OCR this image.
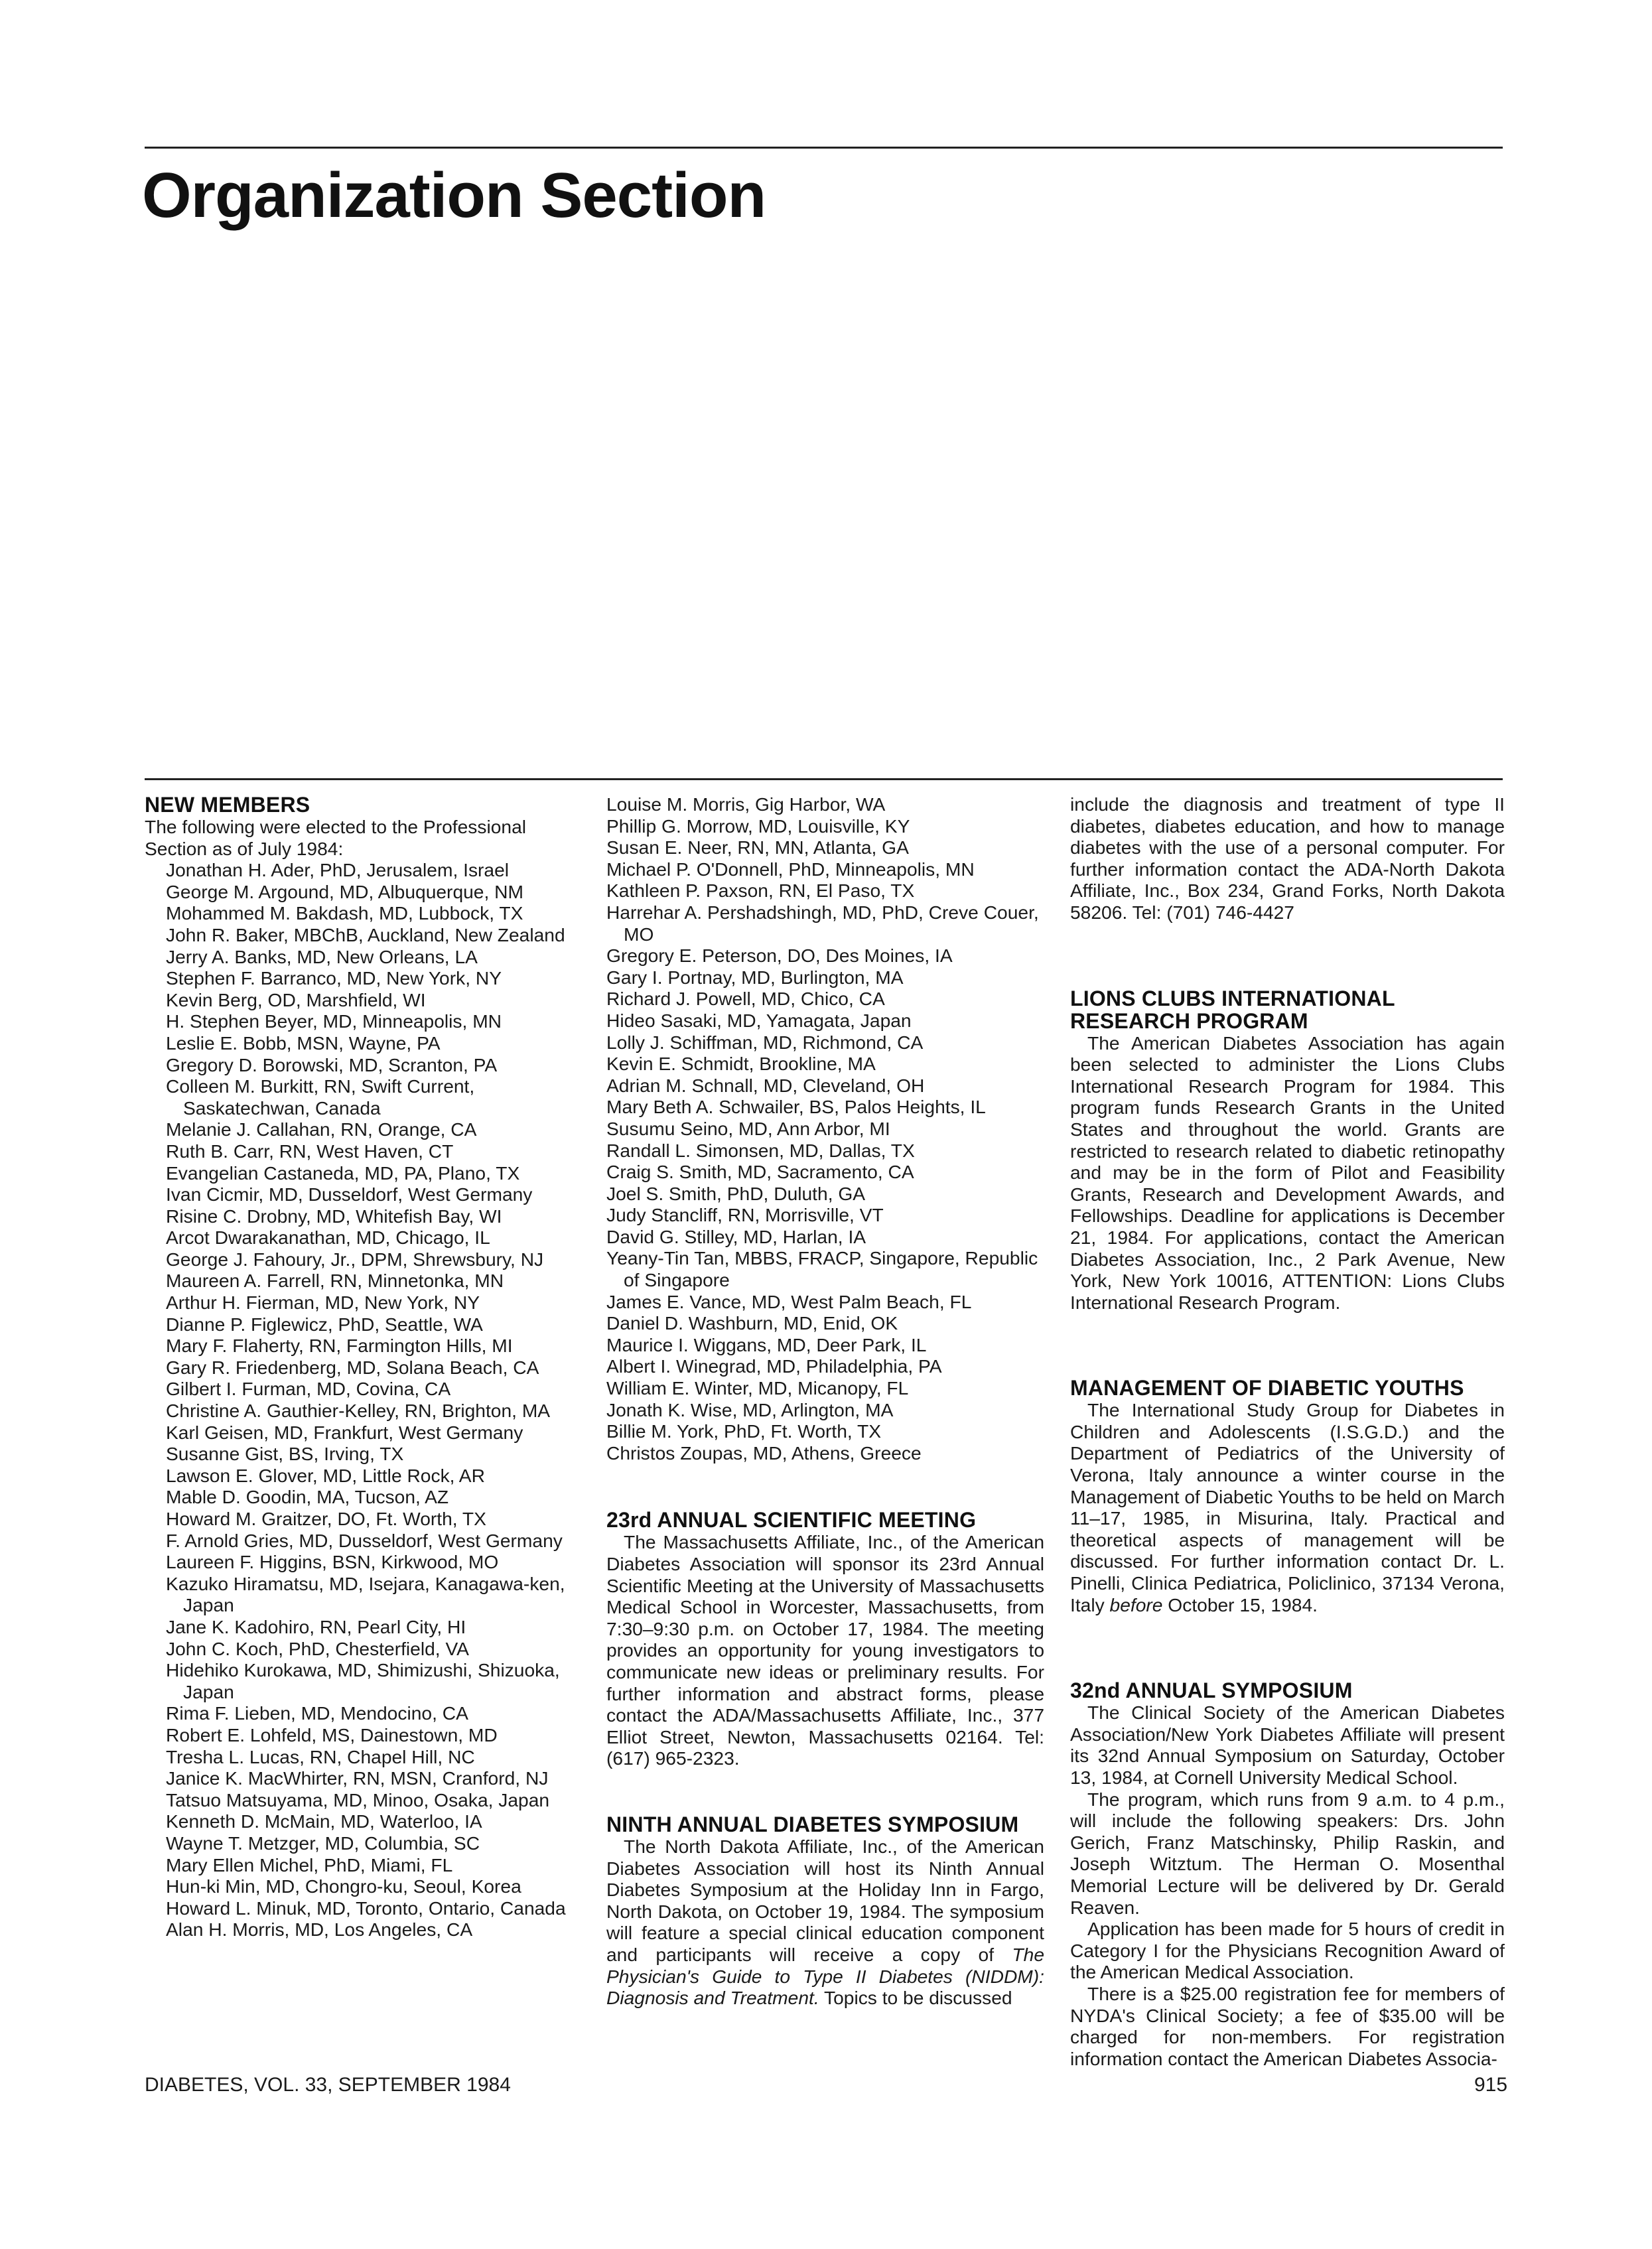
Organization Section
NEW MEMBERS

The following were elected to the Professional Section as of July 1984:

Jonathan H. Ader, PhD, Jerusalem, Israel
George M. Argound, MD, Albuquerque, NM
Mohammed M. Bakdash, MD, Lubbock, TX
John R. Baker, MBChB, Auckland, New Zealand
Jerry A. Banks, MD, New Orleans, LA
Stephen F. Barranco, MD, New York, NY
Kevin Berg, OD, Marshfield, WI
H. Stephen Beyer, MD, Minneapolis, MN
Leslie E. Bobb, MSN, Wayne, PA
Gregory D. Borowski, MD, Scranton, PA
Colleen M. Burkitt, RN, Swift Current, Saskatechwan, Canada
Melanie J. Callahan, RN, Orange, CA
Ruth B. Carr, RN, West Haven, CT
Evangelian Castaneda, MD, PA, Plano, TX
Ivan Cicmir, MD, Dusseldorf, West Germany
Risine C. Drobny, MD, Whitefish Bay, WI
Arcot Dwarakanathan, MD, Chicago, IL
George J. Fahoury, Jr., DPM, Shrewsbury, NJ
Maureen A. Farrell, RN, Minnetonka, MN
Arthur H. Fierman, MD, New York, NY
Dianne P. Figlewicz, PhD, Seattle, WA
Mary F. Flaherty, RN, Farmington Hills, MI
Gary R. Friedenberg, MD, Solana Beach, CA
Gilbert I. Furman, MD, Covina, CA
Christine A. Gauthier-Kelley, RN, Brighton, MA
Karl Geisen, MD, Frankfurt, West Germany
Susanne Gist, BS, Irving, TX
Lawson E. Glover, MD, Little Rock, AR
Mable D. Goodin, MA, Tucson, AZ
Howard M. Graitzer, DO, Ft. Worth, TX
F. Arnold Gries, MD, Dusseldorf, West Germany
Laureen F. Higgins, BSN, Kirkwood, MO
Kazuko Hiramatsu, MD, Isejara, Kanagawa-ken, Japan
Jane K. Kadohiro, RN, Pearl City, HI
John C. Koch, PhD, Chesterfield, VA
Hidehiko Kurokawa, MD, Shimizushi, Shizuoka, Japan
Rima F. Lieben, MD, Mendocino, CA
Robert E. Lohfeld, MS, Dainestown, MD
Tresha L. Lucas, RN, Chapel Hill, NC
Janice K. MacWhirter, RN, MSN, Cranford, NJ
Tatsuo Matsuyama, MD, Minoo, Osaka, Japan
Kenneth D. McMain, MD, Waterloo, IA
Wayne T. Metzger, MD, Columbia, SC
Mary Ellen Michel, PhD, Miami, FL
Hun-ki Min, MD, Chongro-ku, Seoul, Korea
Howard L. Minuk, MD, Toronto, Ontario, Canada
Alan H. Morris, MD, Los Angeles, CA
Louise M. Morris, Gig Harbor, WA
Phillip G. Morrow, MD, Louisville, KY
Susan E. Neer, RN, MN, Atlanta, GA
Michael P. O'Donnell, PhD, Minneapolis, MN
Kathleen P. Paxson, RN, El Paso, TX
Harrehar A. Pershadshingh, MD, PhD, Creve Couer, MO
Gregory E. Peterson, DO, Des Moines, IA
Gary I. Portnay, MD, Burlington, MA
Richard J. Powell, MD, Chico, CA
Hideo Sasaki, MD, Yamagata, Japan
Lolly J. Schiffman, MD, Richmond, CA
Kevin E. Schmidt, Brookline, MA
Adrian M. Schnall, MD, Cleveland, OH
Mary Beth A. Schwailer, BS, Palos Heights, IL
Susumu Seino, MD, Ann Arbor, MI
Randall L. Simonsen, MD, Dallas, TX
Craig S. Smith, MD, Sacramento, CA
Joel S. Smith, PhD, Duluth, GA
Judy Stancliff, RN, Morrisville, VT
David G. Stilley, MD, Harlan, IA
Yeany-Tin Tan, MBBS, FRACP, Singapore, Republic of Singapore
James E. Vance, MD, West Palm Beach, FL
Daniel D. Washburn, MD, Enid, OK
Maurice I. Wiggans, MD, Deer Park, IL
Albert I. Winegrad, MD, Philadelphia, PA
William E. Winter, MD, Micanopy, FL
Jonath K. Wise, MD, Arlington, MA
Billie M. York, PhD, Ft. Worth, TX
Christos Zoupas, MD, Athens, Greece
23rd ANNUAL SCIENTIFIC MEETING

The Massachusetts Affiliate, Inc., of the American Diabetes Association will sponsor its 23rd Annual Scientific Meeting at the University of Massachusetts Medical School in Worcester, Massachusetts, from 7:30–9:30 p.m. on October 17, 1984. The meeting provides an opportunity for young investigators to communicate new ideas or preliminary results. For further information and abstract forms, please contact the ADA/Massachusetts Affiliate, Inc., 377 Elliot Street, Newton, Massachusetts 02164. Tel: (617) 965-2323.

NINTH ANNUAL DIABETES SYMPOSIUM

The North Dakota Affiliate, Inc., of the American Diabetes Association will host its Ninth Annual Diabetes Symposium at the Holiday Inn in Fargo, North Dakota, on October 19, 1984. The symposium will feature a special clinical education component and participants will receive a copy of The Physician's Guide to Type II Diabetes (NIDDM): Diagnosis and Treatment. Topics to be discussed

include the diagnosis and treatment of type II diabetes, diabetes education, and how to manage diabetes with the use of a personal computer. For further information contact the ADA-North Dakota Affiliate, Inc., Box 234, Grand Forks, North Dakota 58206. Tel: (701) 746-4427

LIONS CLUBS INTERNATIONAL
RESEARCH PROGRAM

The American Diabetes Association has again been selected to administer the Lions Clubs International Research Program for 1984. This program funds Research Grants in the United States and throughout the world. Grants are restricted to research related to diabetic retinopathy and may be in the form of Pilot and Feasibility Grants, Research and Development Awards, and Fellowships. Deadline for applications is December 21, 1984. For applications, contact the American Diabetes Association, Inc., 2 Park Avenue, New York, New York 10016, ATTENTION: Lions Clubs International Research Program.

MANAGEMENT OF DIABETIC YOUTHS

The International Study Group for Diabetes in Children and Adolescents (I.S.G.D.) and the Department of Pediatrics of the University of Verona, Italy announce a winter course in the Management of Diabetic Youths to be held on March 11–17, 1985, in Misurina, Italy. Practical and theoretical aspects of management will be discussed. For further information contact Dr. L. Pinelli, Clinica Pediatrica, Policlinico, 37134 Verona, Italy before October 15, 1984.

32nd ANNUAL SYMPOSIUM

The Clinical Society of the American Diabetes Association/New York Diabetes Affiliate will present its 32nd Annual Symposium on Saturday, October 13, 1984, at Cornell University Medical School.

The program, which runs from 9 a.m. to 4 p.m., will include the following speakers: Drs. John Gerich, Franz Matschinsky, Philip Raskin, and Joseph Witztum. The Herman O. Mosenthal Memorial Lecture will be delivered by Dr. Gerald Reaven.

Application has been made for 5 hours of credit in Category I for the Physicians Recognition Award of the American Medical Association.

There is a $25.00 registration fee for members of NYDA's Clinical Society; a fee of $35.00 will be charged for non-members. For registration information contact the American Diabetes Associa-

DIABETES, VOL. 33, SEPTEMBER 1984	915
